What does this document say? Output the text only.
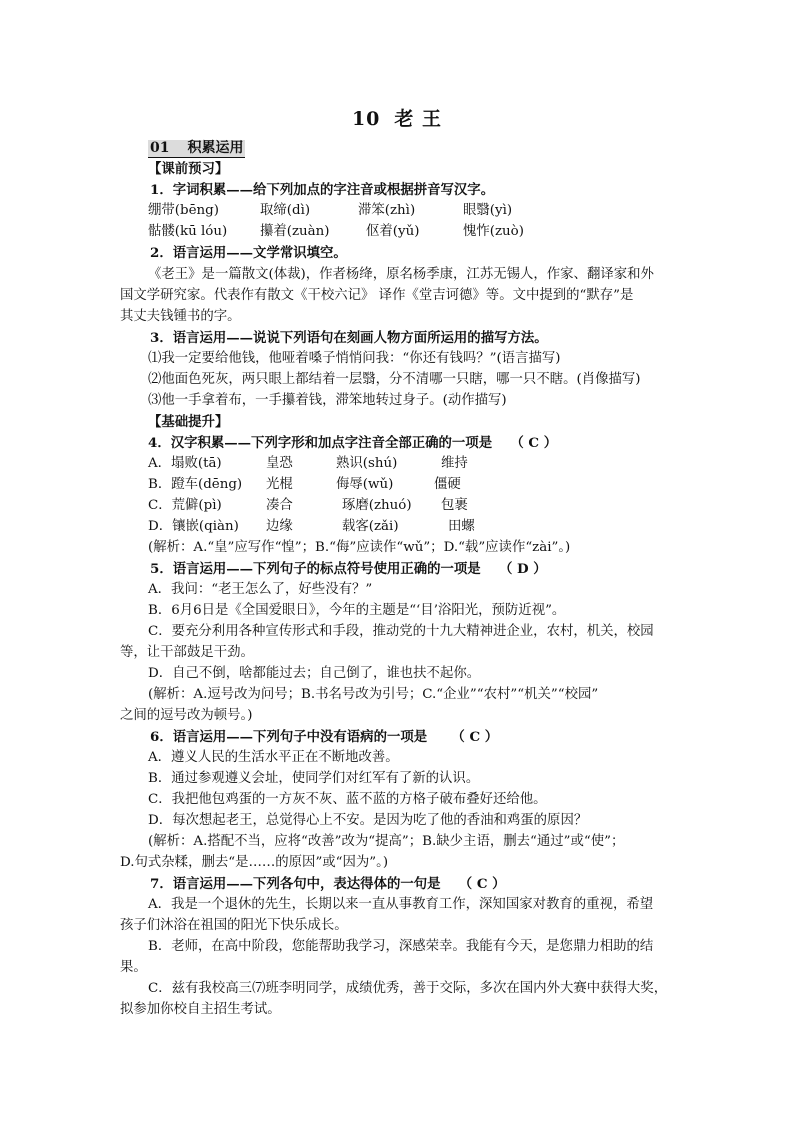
10 老 王
01 积累运用
【课前预习】
1．字词积累——给下列加点的字注音或根据拼音写汉字。
绷带(bēng)	取缔(dì)	滞笨(zhì)	眼翳(yì)
骷髅(kū lóu) 攥着(zuàn)	伛着(yǔ)	愧怍(zuò)
2．语言运用——文学常识填空。
《老王》是一篇散文(体裁)，作者杨绛，原名杨季康，江苏无锡人，作家、翻译家和外
国文学研究家。代表作有散文《干校六记》 译作《堂吉诃德》等。文中提到的“默存”是
其丈夫钱锺书的字。
3．语言运用——说说下列语句在刻画人物方面所运用的描写方法。
⑴我一定要给他钱，他哑着嗓子悄悄问我：“你还有钱吗？”(语言描写)
⑵他面色死灰，两只眼上都结着一层翳，分不清哪一只瞎，哪一只不瞎。(肖像描写)
⑶他一手拿着布，一手攥着钱，滞笨地转过身子。(动作描写)
【基础提升】
4．汉字积累——下列字形和加点字注音全部正确的一项是 （ C ）
A．塌败(tā)	皇恐	熟识(shú)	维持
B．蹬车(dēng) 光棍	侮辱(wǔ)	僵硬
C．荒僻(pì)	凑合	琢磨(zhuó) 包裹
D．镶嵌(qiàn) 边缘	载客(zǎi)	田螺
(解析：A.“皇”应写作“惶”；B.“侮”应读作“wǔ”；D.“载”应读作“zài”。)
5．语言运用——下列句子的标点符号使用正确的一项是 （ D ）
A．我问：“老王怎么了，好些没有？”
B．6月6日是《全国爱眼日》，今年的主题是“‘目’浴阳光，预防近视”。
C．要充分利用各种宣传形式和手段，推动党的十九大精神进企业，农村，机关，校园
等，让干部鼓足干劲。
D．自己不倒，啥都能过去；自己倒了，谁也扶不起你。
(解析：A.逗号改为问号；B.书名号改为引号；C.“企业”“农村”“机关”“校园”
之间的逗号改为顿号。)
6．语言运用——下列句子中没有语病的一项是 （ C ）
A．遵义人民的生活水平正在不断地改善。
B．通过参观遵义会址，使同学们对红军有了新的认识。
C．我把他包鸡蛋的一方灰不灰、蓝不蓝的方格子破布叠好还给他。
D．每次想起老王，总觉得心上不安。是因为吃了他的香油和鸡蛋的原因？
(解析：A.搭配不当，应将“改善”改为“提高”；B.缺少主语，删去“通过”或“使”；
D.句式杂糅，删去“是……的原因”或“因为”。)
7．语言运用——下列各句中，表达得体的一句是 （ C ）
A．我是一个退休的先生，长期以来一直从事教育工作，深知国家对教育的重视，希望
孩子们沐浴在祖国的阳光下快乐成长。
B．老师，在高中阶段，您能帮助我学习，深感荣幸。我能有今天，是您鼎力相助的结
果。
C．兹有我校高三⑺班李明同学，成绩优秀，善于交际，多次在国内外大赛中获得大奖，
拟参加你校自主招生考试。
